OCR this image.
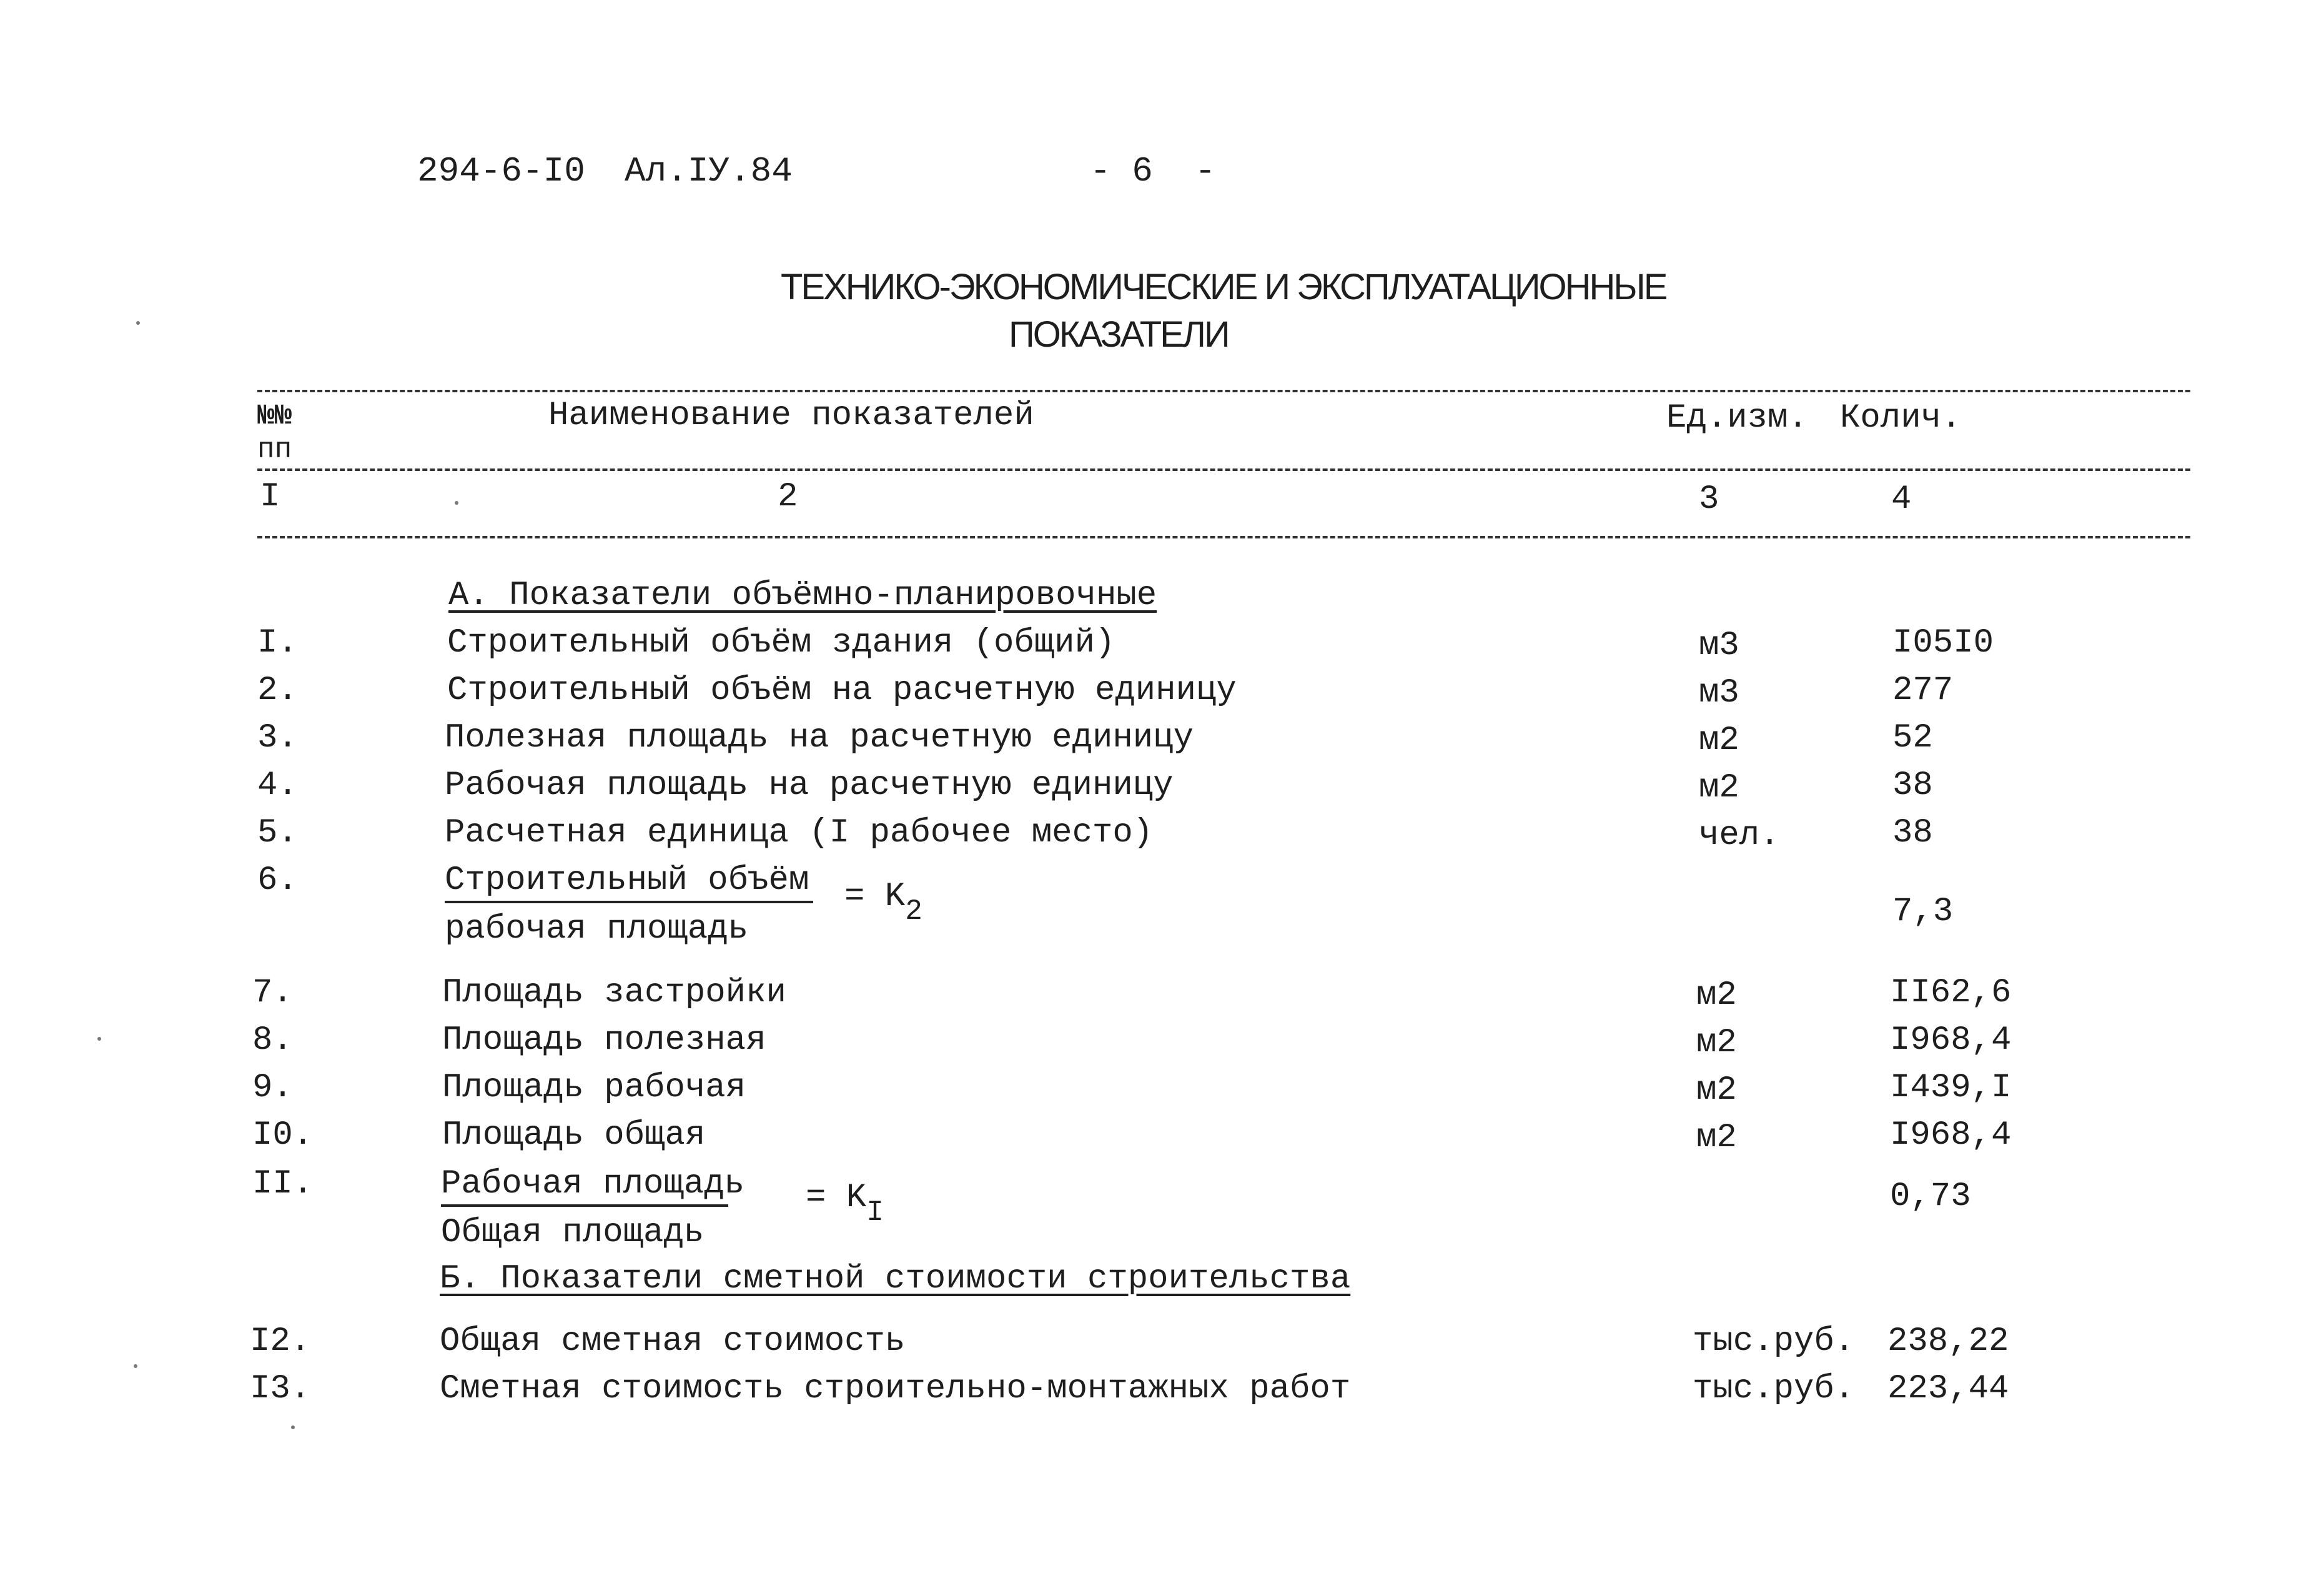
294-6-I0 Ал.IУ.84	- 6  -
ТЕХНИКО-ЭКОНОМИЧЕСКИЕ И ЭКСПЛУАТАЦИОННЫЕ
ПОКАЗАТЕЛИ
№№
пп
Наименование показателей	Ед.изм. Колич.
I	2	3	4
А. Показатели объёмно-планировочные
I.	Строительный объём здания (общий)	м3	I05I0
2.	Строительный объём на расчетную единицу	м3	277
3.	Полезная площадь на расчетную единицу	м2	52
4.	Рабочая площадь на расчетную единицу	м2	38
5.	Расчетная единица (I рабочее место)	чел.	38
6.	Строительный объём
рабочая площадь
= K2	7,3
7.	Площадь застройки	м2	II62,6
8.	Площадь полезная	м2	I968,4
9.	Площадь рабочая	м2	I439,I
I0.	Площадь общая	м2	I968,4
II.	Рабочая площадь
Общая площадь
= KI	0,73
Б. Показатели сметной стоимости строительства
I2.	Общая сметная стоимость	тыс.руб. 238,22
I3.	Сметная стоимость строительно-монтажных работ	тыс.руб. 223,44
